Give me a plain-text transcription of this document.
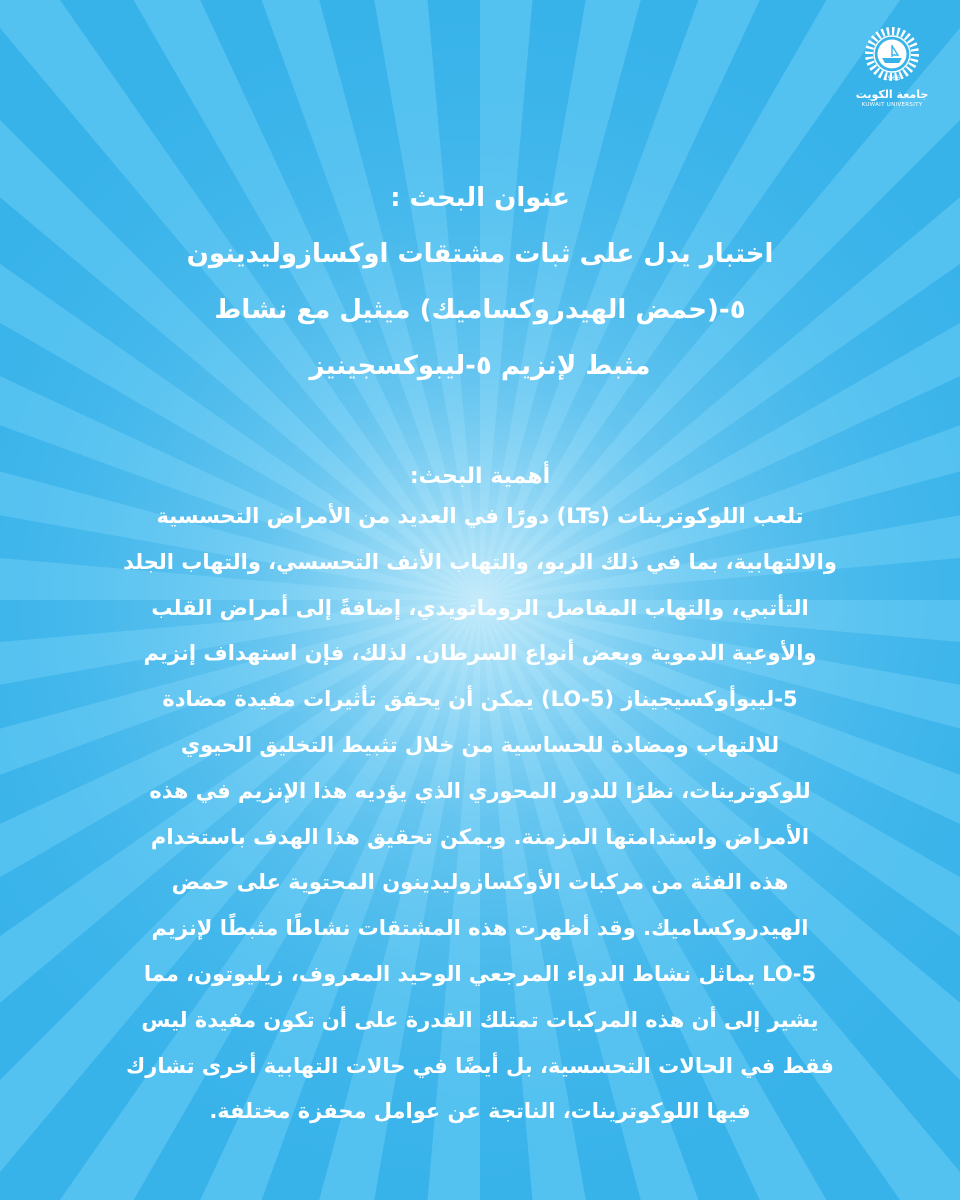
1966
جامعة الكويت
KUWAIT UNIVERSITY
عنوان البحث :
اختبار يدل على ثبات مشتقات اوكسازوليدينون
٥-(حمض الهيدروكساميك) ميثيل مع نشاط
مثبط لإنزيم ٥-ليبوكسجينيز
أهمية البحث:
تلعب اللوكوترينات (LTs) دورًا في العديد من الأمراض التحسسية
والالتهابية، بما في ذلك الربو، والتهاب الأنف التحسسي، والتهاب الجلد
التأتبي، والتهاب المفاصل الروماتويدي، إضافةً إلى أمراض القلب
والأوعية الدموية وبعض أنواع السرطان. لذلك، فإن استهداف إنزيم
5-ليبوأوكسيجيناز (5-LO) يمكن أن يحقق تأثيرات مفيدة مضادة
للالتهاب ومضادة للحساسية من خلال تثبيط التخليق الحيوي
للوكوترينات، نظرًا للدور المحوري الذي يؤديه هذا الإنزيم في هذه
الأمراض واستدامتها المزمنة. ويمكن تحقيق هذا الهدف باستخدام
هذه الفئة من مركبات الأوكسازوليدينون المحتوية على حمض
الهيدروكساميك. وقد أظهرت هذه المشتقات نشاطًا مثبطًا لإنزيم
5-LO يماثل نشاط الدواء المرجعي الوحيد المعروف، زيليوتون، مما
يشير إلى أن هذه المركبات تمتلك القدرة على أن تكون مفيدة ليس
فقط في الحالات التحسسية، بل أيضًا في حالات التهابية أخرى تشارك
فيها اللوكوترينات، الناتجة عن عوامل محفزة مختلفة.
